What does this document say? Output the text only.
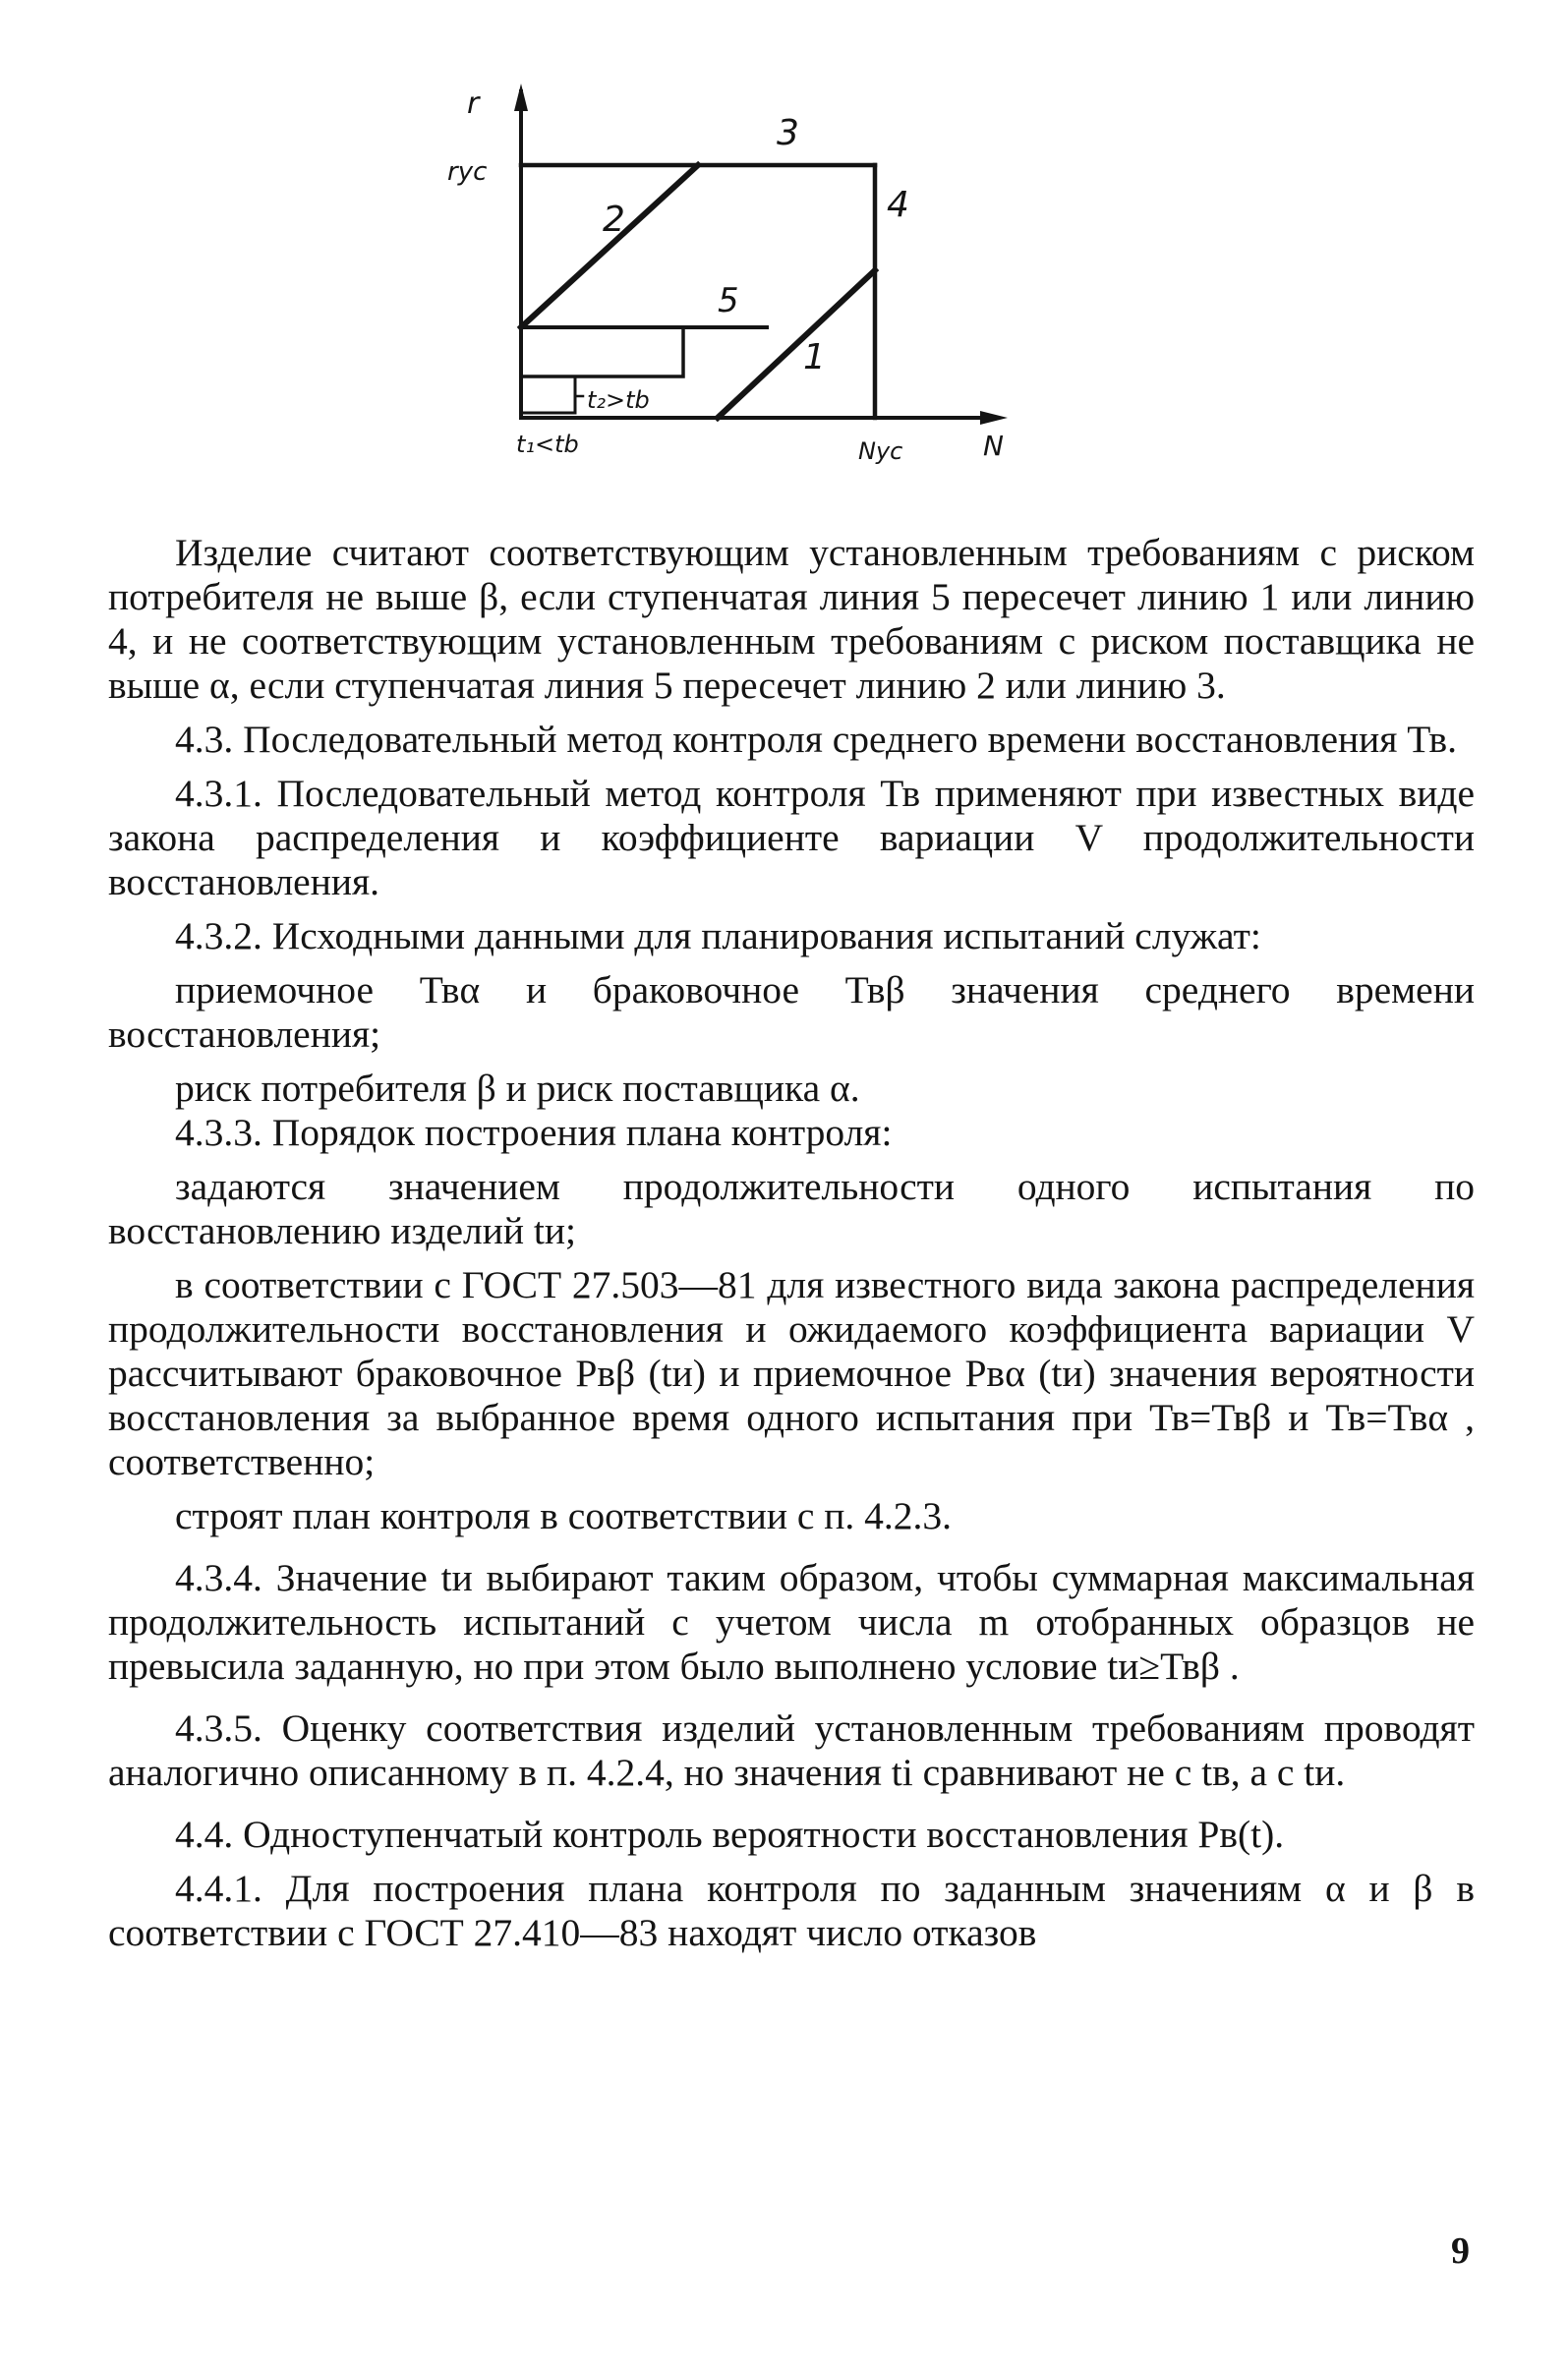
r
rус
3
2	4
5
1
t₂>tb
t₁<tb	Nус	N

Изделие считают соответствующим установленным требованиям с риском потребителя не выше β, если ступенчатая линия 5 пересечет линию 1 или линию 4, и не соответствующим установленным требованиям с риском поставщика не выше α, если ступенчатая линия 5 пересечет линию 2 или линию 3.

4.3. Последовательный метод контроля среднего времени восстановления Тв.

4.3.1. Последовательный метод контроля Тв применяют при известных виде закона распределения и коэффициенте вариации V продолжительности восстановления.

4.3.2. Исходными данными для планирования испытаний служат:

приемочное Твα и браковочное Твβ значения среднего времени восстановления;

риск потребителя β и риск поставщика α.

4.3.3. Порядок построения плана контроля:

задаются значением продолжительности одного испытания по восстановлению изделий tи;

в соответствии с ГОСТ 27.503—81 для известного вида закона распределения продолжительности восстановления и ожидаемого коэффициента вариации V рассчитывают браковочное Рвβ (tи) и приемочное Рвα (tи) значения вероятности восстановления за выбранное время одного испытания при Тв=Твβ и Тв=Твα , соответственно;

строят план контроля в соответствии с п. 4.2.3.

4.3.4. Значение tи выбирают таким образом, чтобы суммарная максимальная продолжительность испытаний с учетом числа m отобранных образцов не превысила заданную, но при этом было выполнено условие tи≥Твβ .

4.3.5. Оценку соответствия изделий установленным требованиям проводят аналогично описанному в п. 4.2.4, но значения ti сравнивают не с tв, а с tи.

4.4. Одноступенчатый контроль вероятности восстановления Рв(t).

4.4.1. Для построения плана контроля по заданным значениям α и β в соответствии с ГОСТ 27.410—83 находят число отказов

9
